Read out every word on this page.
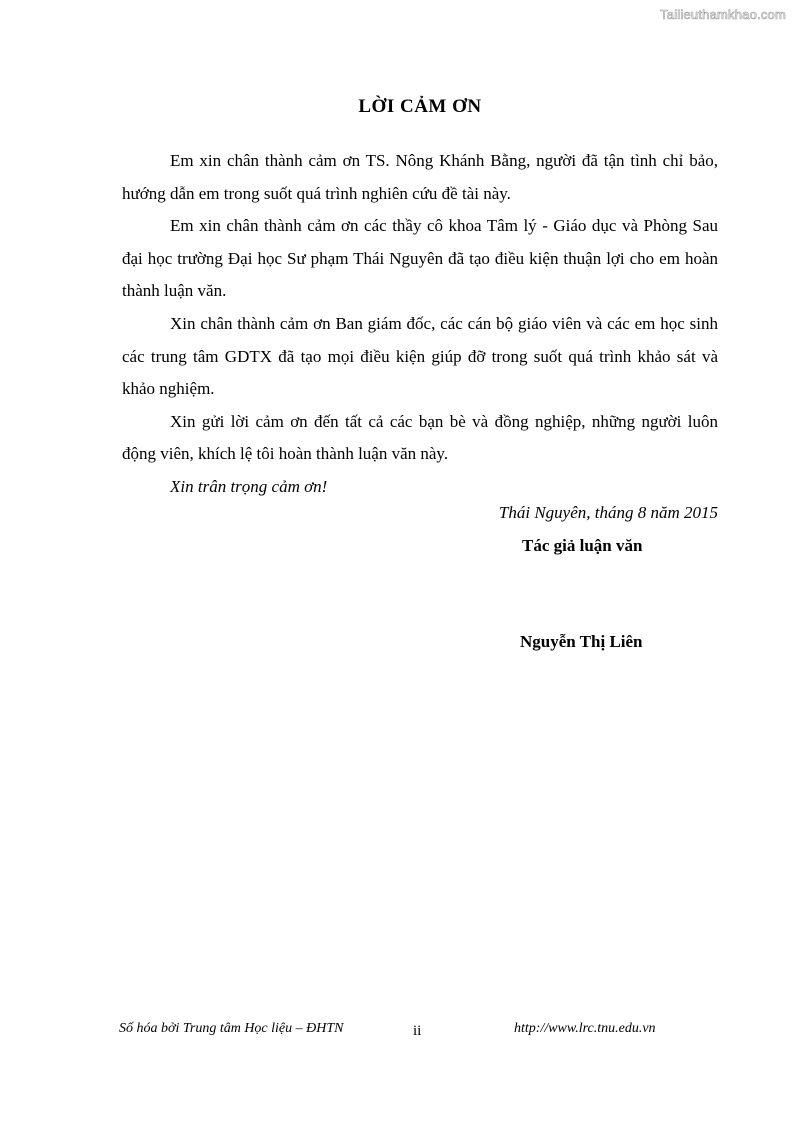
Tailieuthamkhao.com
LỜI CẢM ƠN

Em xin chân thành cảm ơn TS. Nông Khánh Bằng, người đã tận tình chỉ bảo, hướng dẫn em trong suốt quá trình nghiên cứu đề tài này.

Em xin chân thành cảm ơn các thầy cô khoa Tâm lý - Giáo dục và Phòng Sau đại học trường Đại học Sư phạm Thái Nguyên đã tạo điều kiện thuận lợi cho em hoàn thành luận văn.

Xin chân thành cảm ơn Ban giám đốc, các cán bộ giáo viên và các em học sinh các trung tâm GDTX đã tạo mọi điều kiện giúp đỡ trong suốt quá trình khảo sát và khảo nghiệm.

Xin gửi lời cảm ơn đến tất cả các bạn bè và đồng nghiệp, những người luôn động viên, khích lệ tôi hoàn thành luận văn này.

Xin trân trọng cảm ơn!

Thái Nguyên, tháng 8 năm 2015
Tác giả luận văn
Nguyễn Thị Liên
Số hóa bởi Trung tâm Học liệu – ĐHTN	ii	http://www.lrc.tnu.edu.vn
